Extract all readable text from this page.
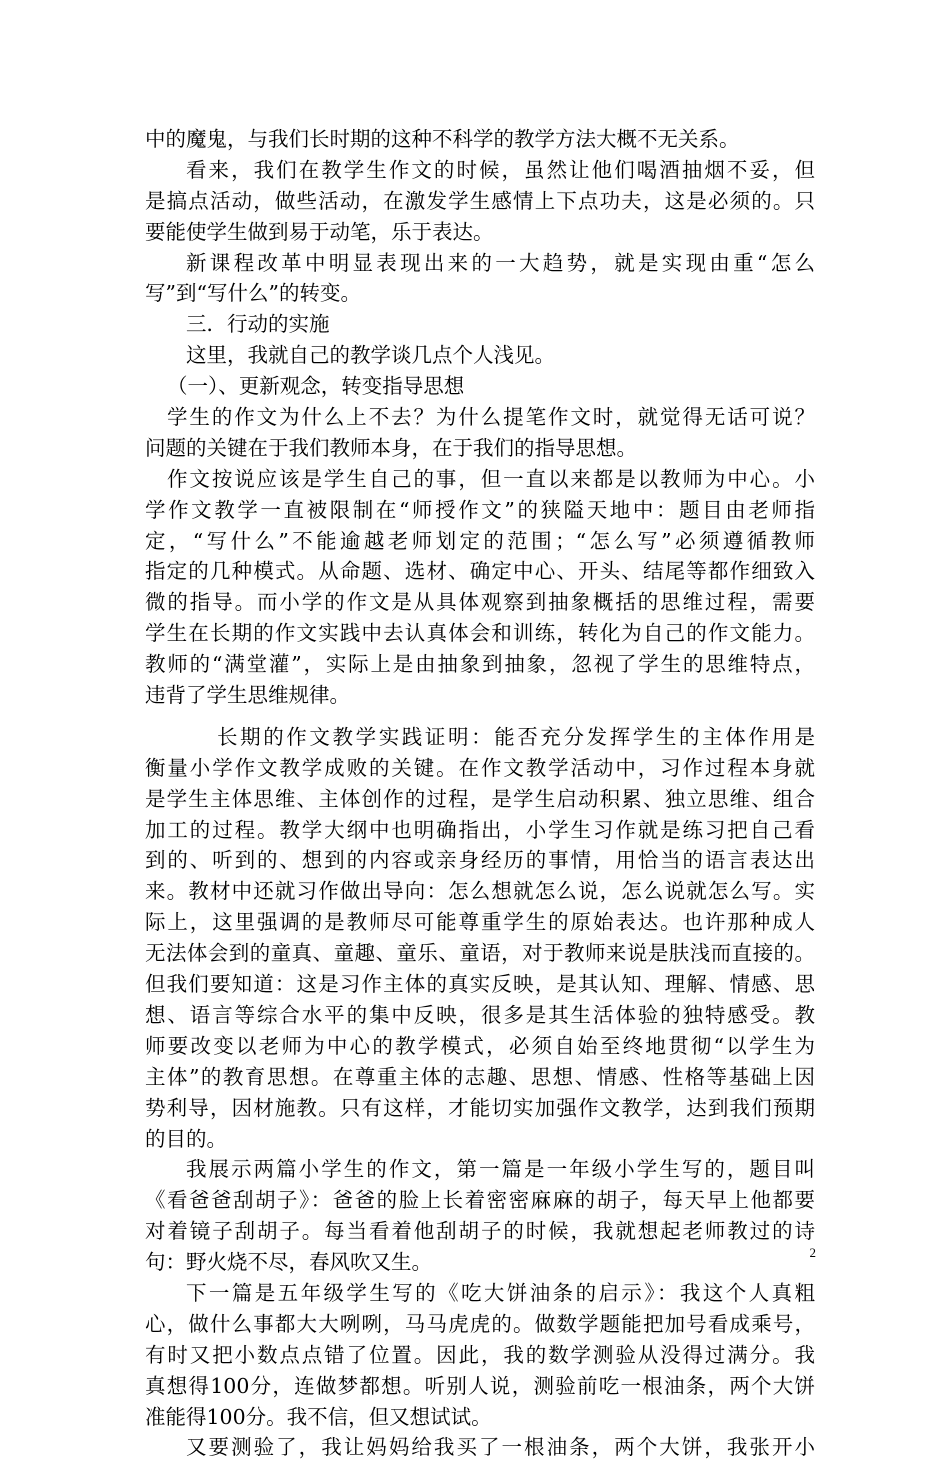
中的魔鬼，与我们长时期的这种不科学的教学方法大概不无关系。
看来，我们在教学生作文的时候，虽然让他们喝酒抽烟不妥，但
是搞点活动，做些活动，在激发学生感情上下点功夫，这是必须的。只
要能使学生做到易于动笔，乐于表达。
新课程改革中明显表现出来的一大趋势，就是实现由重“怎么
写”到“写什么”的转变。
三．行动的实施
这里，我就自己的教学谈几点个人浅见。
（一）、更新观念，转变指导思想
学生的作文为什么上不去？为什么提笔作文时，就觉得无话可说？
问题的关键在于我们教师本身，在于我们的指导思想。
作文按说应该是学生自己的事，但一直以来都是以教师为中心。小
学作文教学一直被限制在“师授作文”的狭隘天地中：题目由老师指
定，“写什么”不能逾越老师划定的范围；“怎么写”必须遵循教师
指定的几种模式。从命题、选材、确定中心、开头、结尾等都作细致入
微的指导。而小学的作文是从具体观察到抽象概括的思维过程，需要
学生在长期的作文实践中去认真体会和训练，转化为自己的作文能力。
教师的“满堂灌”，实际上是由抽象到抽象，忽视了学生的思维特点，
违背了学生思维规律。
长期的作文教学实践证明：能否充分发挥学生的主体作用是
衡量小学作文教学成败的关键。在作文教学活动中，习作过程本身就
是学生主体思维、主体创作的过程，是学生启动积累、独立思维、组合
加工的过程。教学大纲中也明确指出，小学生习作就是练习把自己看
到的、听到的、想到的内容或亲身经历的事情，用恰当的语言表达出
来。教材中还就习作做出导向：怎么想就怎么说，怎么说就怎么写。实
际上，这里强调的是教师尽可能尊重学生的原始表达。也许那种成人
无法体会到的童真、童趣、童乐、童语，对于教师来说是肤浅而直接的。
但我们要知道：这是习作主体的真实反映，是其认知、理解、情感、思
想、语言等综合水平的集中反映，很多是其生活体验的独特感受。教
师要改变以老师为中心的教学模式，必须自始至终地贯彻“以学生为
主体”的教育思想。在尊重主体的志趣、思想、情感、性格等基础上因
势利导，因材施教。只有这样，才能切实加强作文教学，达到我们预期
的目的。
我展示两篇小学生的作文，第一篇是一年级小学生写的，题目叫
《看爸爸刮胡子》：爸爸的脸上长着密密麻麻的胡子，每天早上他都要
对着镜子刮胡子。每当看着他刮胡子的时候，我就想起老师教过的诗
句：野火烧不尽，春风吹又生。
下一篇是五年级学生写的《吃大饼油条的启示》：我这个人真粗
心，做什么事都大大咧咧，马马虎虎的。做数学题能把加号看成乘号，
有时又把小数点点错了位置。因此，我的数学测验从没得过满分。我
真想得100分，连做梦都想。听别人说，测验前吃一根油条，两个大饼
准能得100分。我不信，但又想试试。
又要测验了，我让妈妈给我买了一根油条，两个大饼，我张开小
2
